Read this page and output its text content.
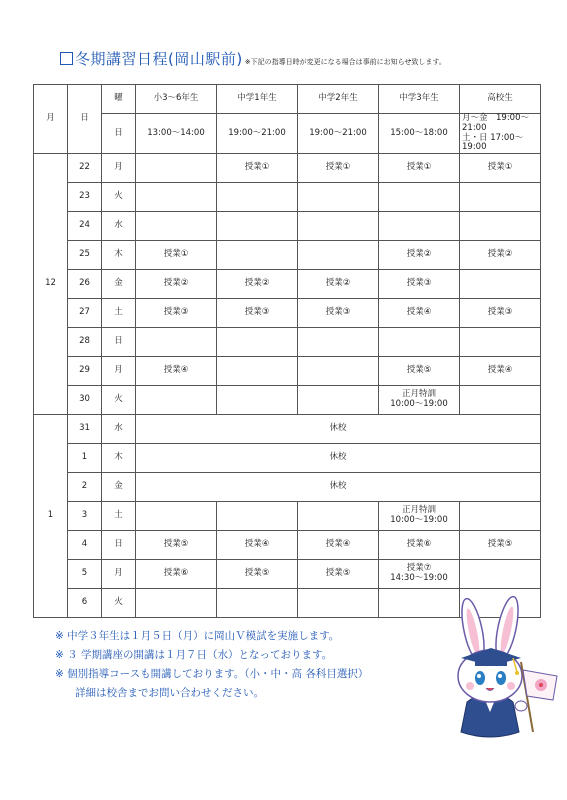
冬期講習日程(岡山駅前) ※下記の指導日時が変更になる場合は事前にお知らせ致します。
月	日	曜	小3～6年生	中学1年生	中学2年生	中学3年生	高校生
		日	13:00～14:00	19:00～21:00	19:00～21:00	15:00～18:00	月～金　19:00～21:00
土・日 17:00～19:00

12	22	月		授業①	授業①	授業①	授業①
	23	火					
	24	水					
	25	木	授業①			授業②	授業②
	26	金	授業②	授業②	授業②	授業③	
	27	土	授業③	授業③	授業③	授業④	授業③
	28	日					
	29	月	授業④			授業⑤	授業④
	30	火				正月特訓
10:00～19:00	
1	31	水	休校				
	1	木	休校				
	2	金	休校				
	3	土				正月特訓
10:00～19:00	
	4	日	授業⑤	授業④	授業④	授業⑥	授業⑤
	5	月	授業⑥	授業⑤	授業⑤	授業⑦
14:30～19:00	
	6	火					
※ 中学３年生は１月５日（月）に岡山Ｖ模試を実施します。
※ ３ 学期講座の開講は１月７日（水）となっております。
※ 個別指導コースも開講しております。（小・中・高 各科目選択）
詳細は校舎までお問い合わせください。
